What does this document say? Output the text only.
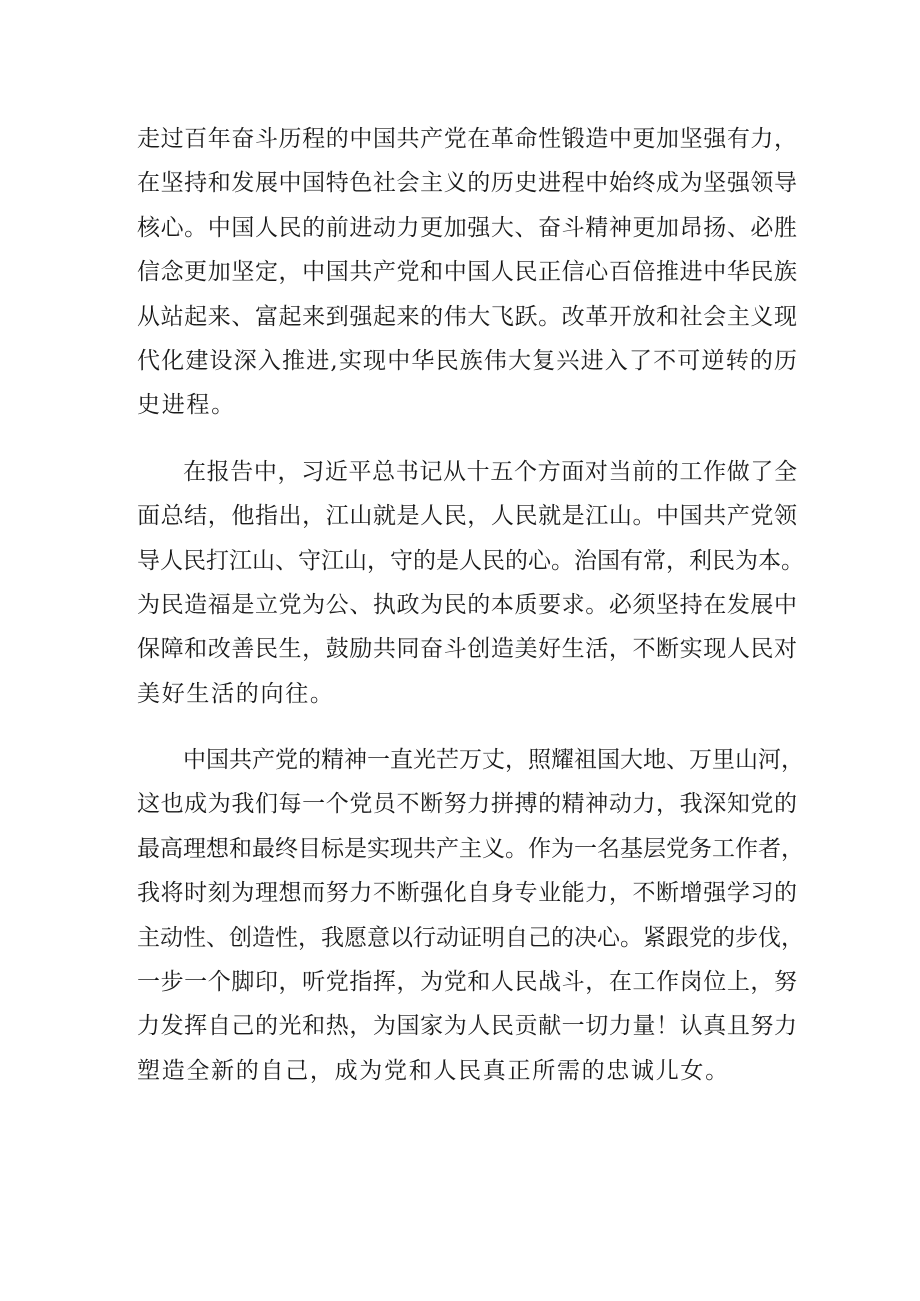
走过百年奋斗历程的中国共产党在革命性锻造中更加坚强有力，
在坚持和发展中国特色社会主义的历史进程中始终成为坚强领导
核心。中国人民的前进动力更加强大、奋斗精神更加昂扬、必胜
信念更加坚定，中国共产党和中国人民正信心百倍推进中华民族
从站起来、富起来到强起来的伟大飞跃。改革开放和社会主义现
代化建设深入推进,实现中华民族伟大复兴进入了不可逆转的历
史进程。
在报告中，习近平总书记从十五个方面对当前的工作做了全
面总结，他指出，江山就是人民，人民就是江山。中国共产党领
导人民打江山、守江山，守的是人民的心。治国有常，利民为本。
为民造福是立党为公、执政为民的本质要求。必须坚持在发展中
保障和改善民生，鼓励共同奋斗创造美好生活，不断实现人民对
美好生活的向往。
中国共产党的精神一直光芒万丈，照耀祖国大地、万里山河，
这也成为我们每一个党员不断努力拼搏的精神动力，我深知党的
最高理想和最终目标是实现共产主义。作为一名基层党务工作者，
我将时刻为理想而努力不断强化自身专业能力，不断增强学习的
主动性、创造性，我愿意以行动证明自己的决心。紧跟党的步伐，
一步一个脚印，听党指挥，为党和人民战斗，在工作岗位上，努
力发挥自己的光和热，为国家为人民贡献一切力量！认真且努力
塑造全新的自己，成为党和人民真正所需的忠诚儿女。
